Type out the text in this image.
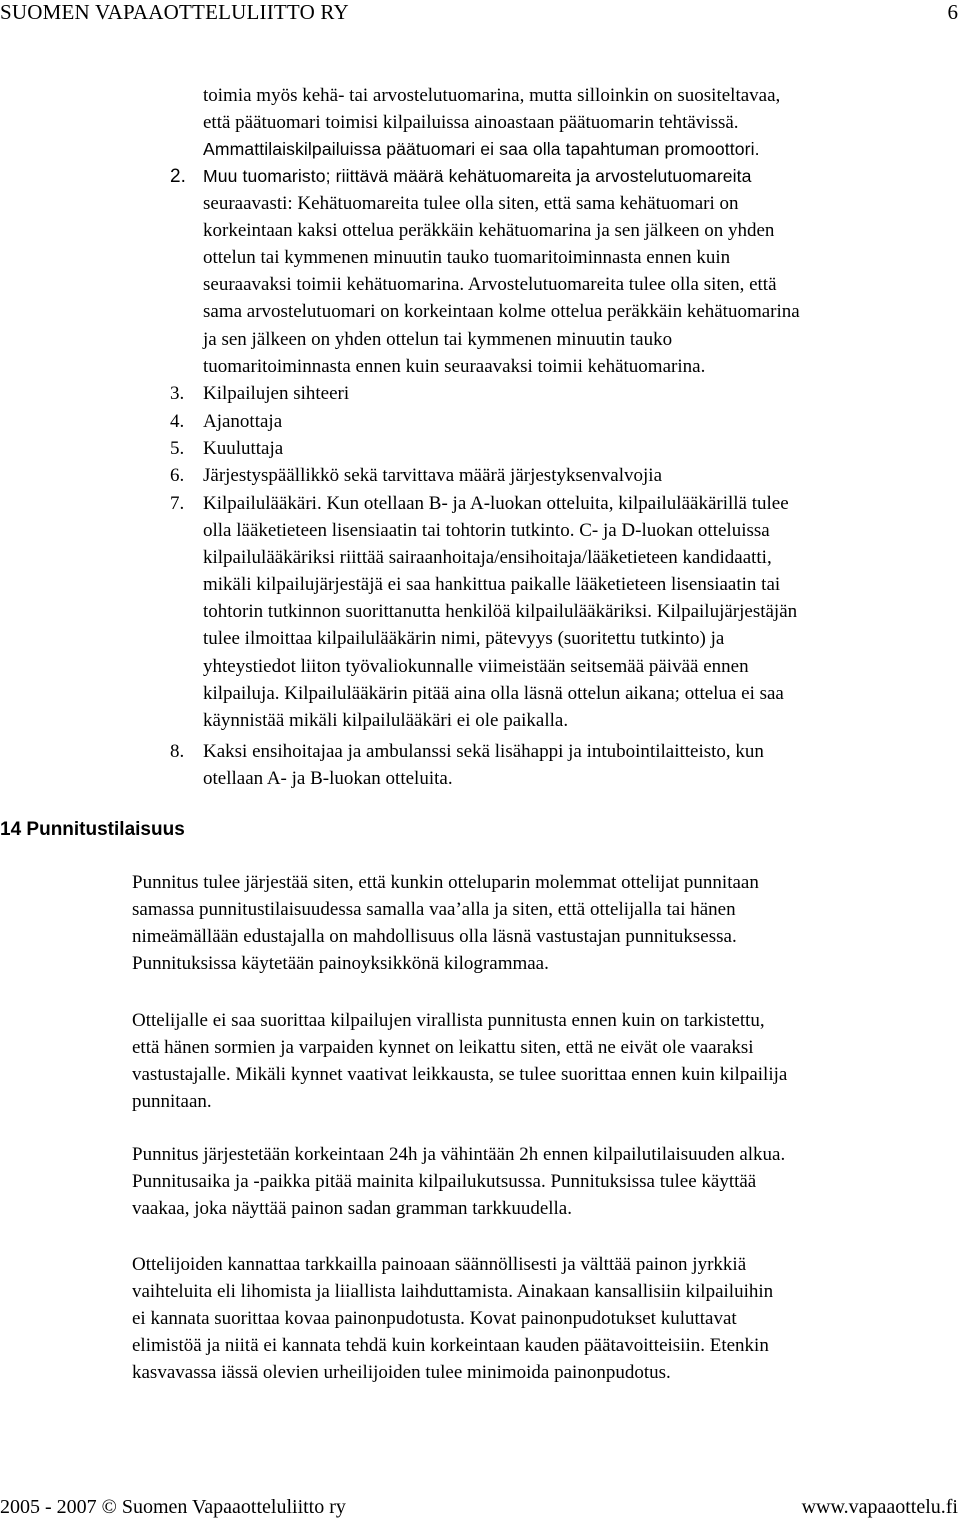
SUOMEN VAPAAOTTELULIITTO RY	6
toimia myös kehä- tai arvostelutuomarina, mutta silloinkin on suositeltavaa,
että päätuomari toimisi kilpailuissa ainoastaan päätuomarin tehtävissä.
Ammattilaiskilpailuissa päätuomari ei saa olla tapahtuman promoottori.
2. Muu tuomaristo; riittävä määrä kehätuomareita ja arvostelutuomareita
seuraavasti: Kehätuomareita tulee olla siten, että sama kehätuomari on
korkeintaan kaksi ottelua peräkkäin kehätuomarina ja sen jälkeen on yhden
ottelun tai kymmenen minuutin tauko tuomaritoiminnasta ennen kuin
seuraavaksi toimii kehätuomarina. Arvostelutuomareita tulee olla siten, että
sama arvostelutuomari on korkeintaan kolme ottelua peräkkäin kehätuomarina
ja sen jälkeen on yhden ottelun tai kymmenen minuutin tauko
tuomaritoiminnasta ennen kuin seuraavaksi toimii kehätuomarina.
3. Kilpailujen sihteeri
4. Ajanottaja
5. Kuuluttaja
6. Järjestyspäällikkö sekä tarvittava määrä järjestyksenvalvojia
7. Kilpailulääkäri. Kun otellaan B- ja A-luokan otteluita, kilpailulääkärillä tulee
olla lääketieteen lisensiaatin tai tohtorin tutkinto. C- ja D-luokan otteluissa
kilpailulääkäriksi riittää sairaanhoitaja/ensihoitaja/lääketieteen kandidaatti,
mikäli kilpailujärjestäjä ei saa hankittua paikalle lääketieteen lisensiaatin tai
tohtorin tutkinnon suorittanutta henkilöä kilpailulääkäriksi. Kilpailujärjestäjän
tulee ilmoittaa kilpailulääkärin nimi, pätevyys (suoritettu tutkinto) ja
yhteystiedot liiton työvaliokunnalle viimeistään seitsemää päivää ennen
kilpailuja. Kilpailulääkärin pitää aina olla läsnä ottelun aikana; ottelua ei saa
käynnistää mikäli kilpailulääkäri ei ole paikalla.
8. Kaksi ensihoitajaa ja ambulanssi sekä lisähappi ja intubointilaitteisto, kun
otellaan A- ja B-luokan otteluita.
14 Punnitustilaisuus
Punnitus tulee järjestää siten, että kunkin otteluparin molemmat ottelijat punnitaan
samassa punnitustilaisuudessa samalla vaa’alla ja siten, että ottelijalla tai hänen
nimeämällään edustajalla on mahdollisuus olla läsnä vastustajan punnituksessa.
Punnituksissa käytetään painoyksikkönä kilogrammaa.
Ottelijalle ei saa suorittaa kilpailujen virallista punnitusta ennen kuin on tarkistettu,
että hänen sormien ja varpaiden kynnet on leikattu siten, että ne eivät ole vaaraksi
vastustajalle. Mikäli kynnet vaativat leikkausta, se tulee suorittaa ennen kuin kilpailija
punnitaan.
Punnitus järjestetään korkeintaan 24h ja vähintään 2h ennen kilpailutilaisuuden alkua.
Punnitusaika ja -paikka pitää mainita kilpailukutsussa. Punnituksissa tulee käyttää
vaakaa, joka näyttää painon sadan gramman tarkkuudella.
Ottelijoiden kannattaa tarkkailla painoaan säännöllisesti ja välttää painon jyrkkiä
vaihteluita eli lihomista ja liiallista laihduttamista. Ainakaan kansallisiin kilpailuihin
ei kannata suorittaa kovaa painonpudotusta. Kovat painonpudotukset kuluttavat
elimistöä ja niitä ei kannata tehdä kuin korkeintaan kauden päätavoitteisiin. Etenkin
kasvavassa iässä olevien urheilijoiden tulee minimoida painonpudotus.
2005 - 2007 © Suomen Vapaaotteluliitto ry	www.vapaaottelu.fi
